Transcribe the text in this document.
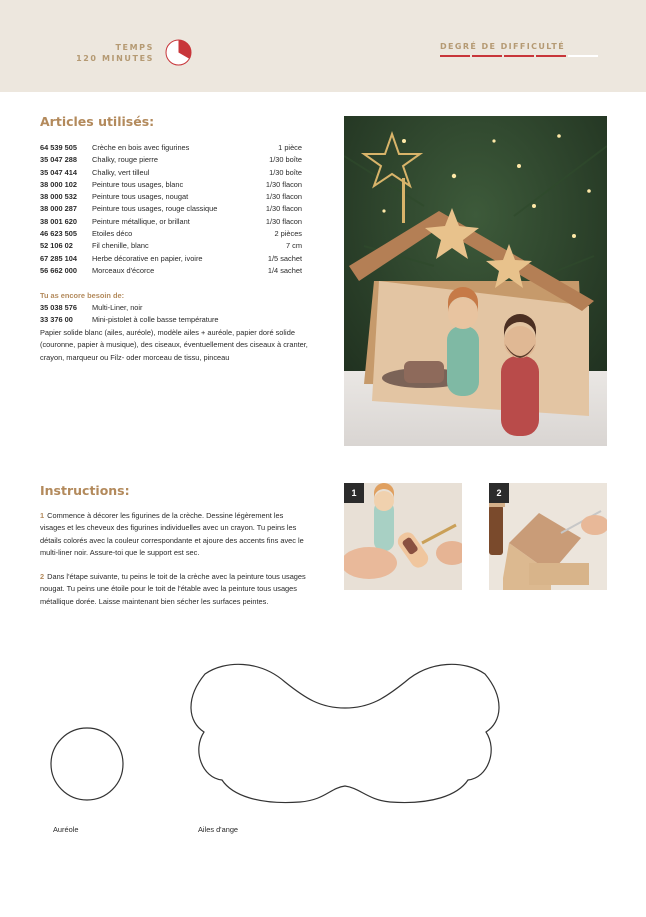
TEMPS
120 MINUTES
DEGRÉ DE DIFFICULTÉ
Articles utilisés:
64 539 505	Crèche en bois avec figurines	1 pièce
35 047 288	Chalky, rouge pierre	1/30 boîte
35 047 414	Chalky, vert tilleul	1/30 boîte
38 000 102	Peinture tous usages, blanc	1/30 flacon
38 000 532	Peinture tous usages, nougat	1/30 flacon
38 000 287	Peinture tous usages, rouge classique	1/30 flacon
38 001 620	Peinture métallique, or brillant	1/30 flacon
46 623 505	Etoiles déco	2 pièces
52 106 02	Fil chenille, blanc	7 cm
67 285 104	Herbe décorative en papier, ivoire	1/5 sachet
56 662 000	Morceaux d'écorce	1/4 sachet
Tu as encore besoin de:
35 038 576	Multi-Liner, noir
33 376 00	Mini-pistolet à colle basse température
Papier solide blanc (ailes, auréole), modèle ailes + auréole, papier doré solide (couronne, papier à musique), des ciseaux, éventuellement des ciseaux à cranter, crayon, marqueur ou Filz- oder morceau de tissu, pinceau
Instructions:
1 Commence à décorer les figurines de la crèche. Dessine légèrement les visages et les cheveux des figurines individuelles avec un crayon. Tu peins les détails colorés avec la couleur correspondante et ajoure des accents fins avec le multi-liner noir. Assure-toi que le support est sec.
2 Dans l'étape suivante, tu peins le toit de la crèche avec la peinture tous usages nougat. Tu peins une étoile pour le toit de l'étable avec la peinture tous usages métallique dorée. Laisse maintenant bien sécher les surfaces peintes.
1	2
Auréole	Ailes d'ange
